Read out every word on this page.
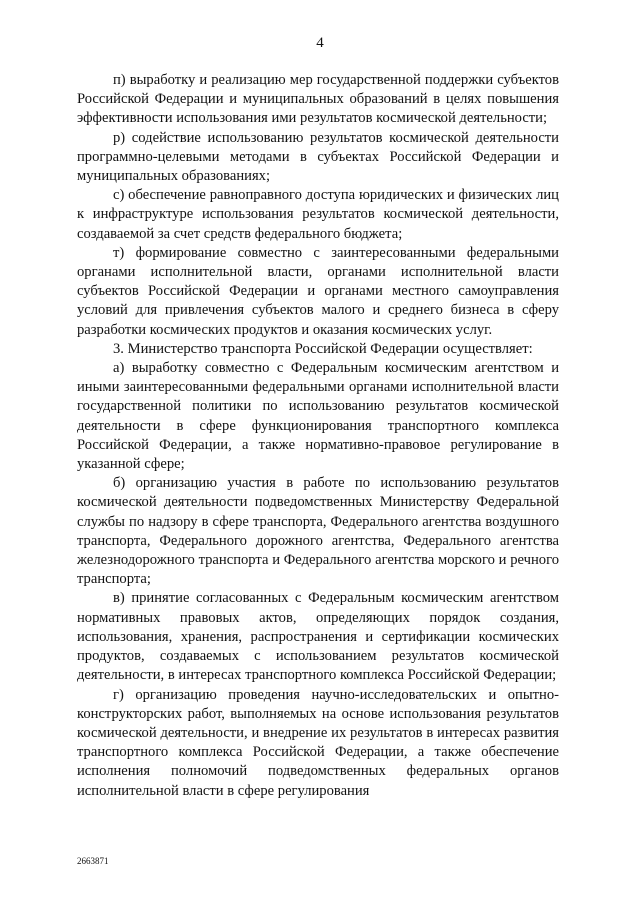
4

п) выработку и реализацию мер государственной поддержки субъектов Российской Федерации и муниципальных образований в целях повышения эффективности использования ими результатов космической деятельности;

р) содействие использованию результатов космической деятельности программно-целевыми методами в субъектах Российской Федерации и муниципальных образованиях;

с) обеспечение равноправного доступа юридических и физических лиц к инфраструктуре использования результатов космической деятельности, создаваемой за счет средств федерального бюджета;

т) формирование совместно с заинтересованными федеральными органами исполнительной власти, органами исполнительной власти субъектов Российской Федерации и органами местного самоуправления условий для привлечения субъектов малого и среднего бизнеса в сферу разработки космических продуктов и оказания космических услуг.

3. Министерство транспорта Российской Федерации осуществляет:

а) выработку совместно с Федеральным космическим агентством и иными заинтересованными федеральными органами исполнительной власти государственной политики по использованию результатов космической деятельности в сфере функционирования транспортного комплекса Российской Федерации, а также нормативно-правовое регулирование в указанной сфере;

б) организацию участия в работе по использованию результатов космической деятельности подведомственных Министерству Федеральной службы по надзору в сфере транспорта, Федерального агентства воздушного транспорта, Федерального дорожного агентства, Федерального агентства железнодорожного транспорта и Федерального агентства морского и речного транспорта;

в) принятие согласованных с Федеральным космическим агентством нормативных правовых актов, определяющих порядок создания, использования, хранения, распространения и сертификации космических продуктов, создаваемых с использованием результатов космической деятельности, в интересах транспортного комплекса Российской Федерации;

г) организацию проведения научно-исследовательских и опытно-конструкторских работ, выполняемых на основе использования результатов космической деятельности, и внедрение их результатов в интересах развития транспортного комплекса Российской Федерации, а также обеспечение исполнения полномочий подведомственных федеральных органов исполнительной власти в сфере регулирования

2663871
